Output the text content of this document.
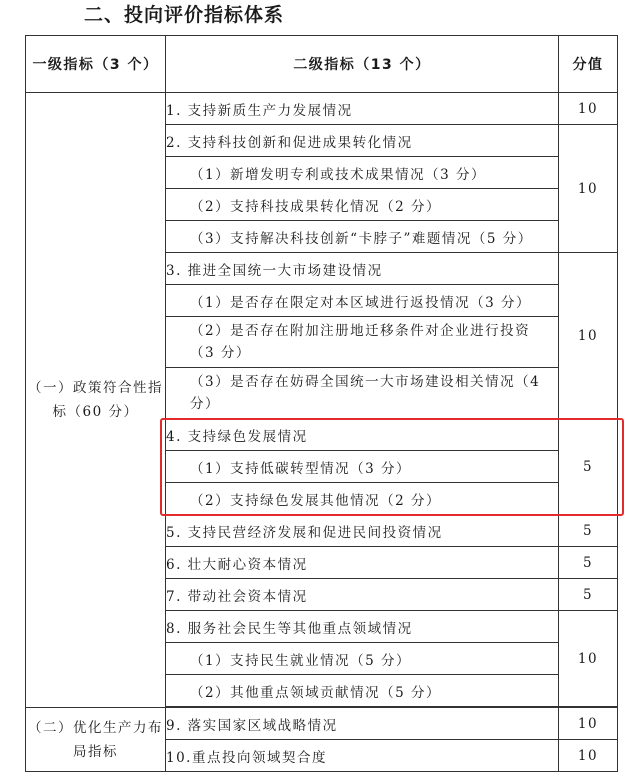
二、投向评价指标体系
一级指标（3 个）	二级指标（13 个）	分值
（一）政策符合性指标（60 分）	1. 支持新质生产力发展情况	10
	2. 支持科技创新和促进成果转化情况	10
	（1）新增发明专利或技术成果情况（3 分）	
	（2）支持科技成果转化情况（2 分）	
	（3）支持解决科技创新“卡脖子”难题情况（5 分）	
	3. 推进全国统一大市场建设情况	10
	（1）是否存在限定对本区域进行返投情况（3 分）	
	（2）是否存在附加注册地迁移条件对企业进行投资（3 分）	
	（3）是否存在妨碍全国统一大市场建设相关情况（4 分）	
	4. 支持绿色发展情况	5
	（1）支持低碳转型情况（3 分）	
	（2）支持绿色发展其他情况（2 分）	
	5. 支持民营经济发展和促进民间投资情况	5
	6. 壮大耐心资本情况	5
	7. 带动社会资本情况	5
	8. 服务社会民生等其他重点领域情况	10
	（1）支持民生就业情况（5 分）	
	（2）其他重点领域贡献情况（5 分）	

（二）优化生产力布局指标	9. 落实国家区域战略情况	10
	10.重点投向领域契合度	10
